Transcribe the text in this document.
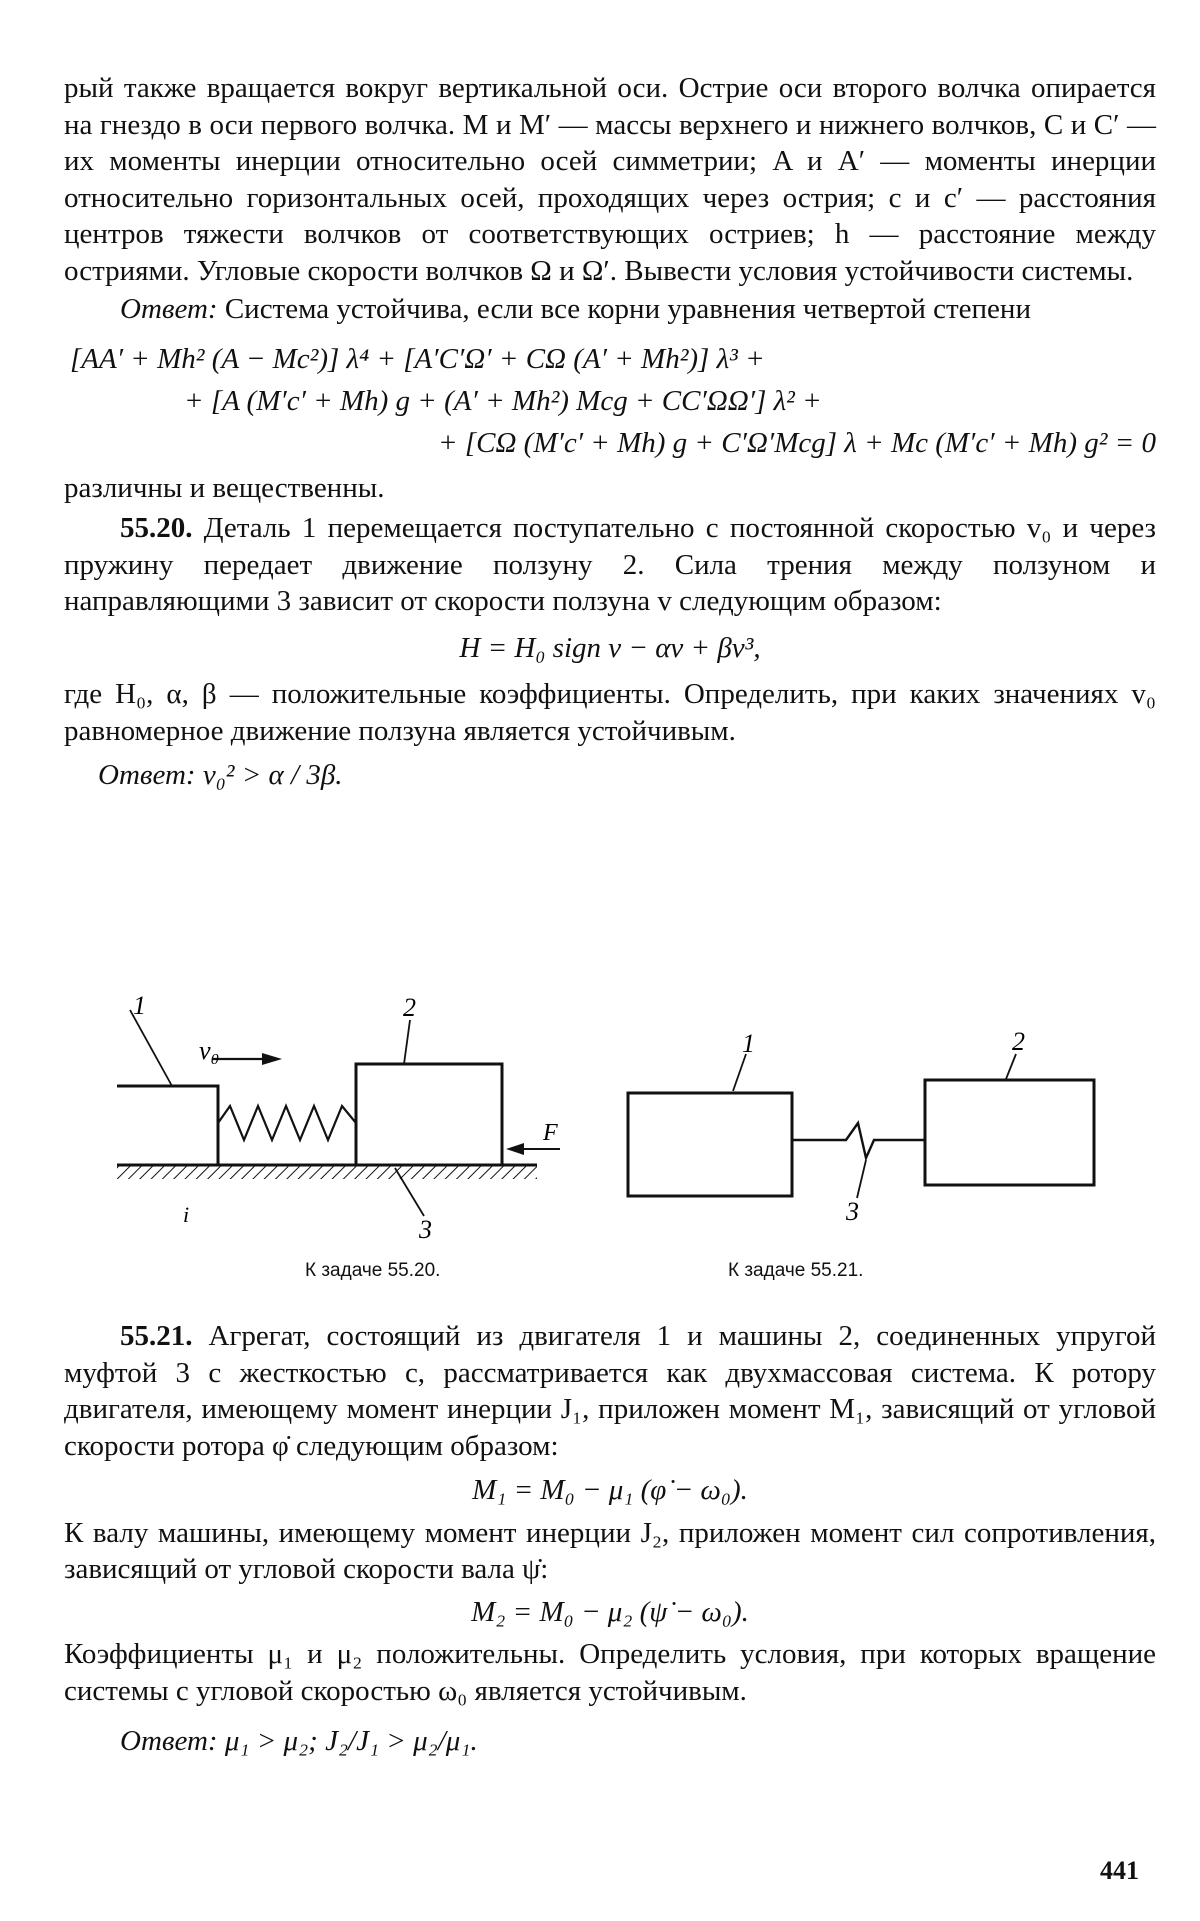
рый также вращается вокруг вертикальной оси. Острие оси второго волчка опирается на гнездо в оси первого волчка. M и M′ — массы верхнего и нижнего волчков, C и C′ — их моменты инерции относительно осей симметрии; A и A′ — моменты инерции относительно горизонтальных осей, проходящих через острия; c и c′ — расстояния центров тяжести волчков от соответствующих остриев; h — расстояние между остриями. Угловые скорости волчков Ω и Ω′. Вывести условия устойчивости системы.

Ответ: Система устойчива, если все корни уравнения четвертой степени

[AA′ + Mh² (A − Mc²)] λ⁴ + [A′C′Ω′ + CΩ (A′ + Mh²)] λ³ +

+ [A (M′c′ + Mh) g + (A′ + Mh²) Mcg + CC′ΩΩ′] λ² +

+ [CΩ (M′c′ + Mh) g + C′Ω′Mcg] λ + Mc (M′c′ + Mh) g² = 0

различны и вещественны.

55.20. Деталь 1 перемещается поступательно с постоянной скоростью v₀ и через пружину передает движение ползуну 2. Сила трения между ползуном и направляющими 3 зависит от скорости ползуна v следующим образом:

H = H₀ sign v − αv + βv³,

где H₀, α, β — положительные коэффициенты. Определить, при каких значениях v₀ равномерное движение ползуна является устойчивым.

Ответ: v₀² > α / 3β.

1	2
3
v₀
F
i
1	2
3
К задаче 55.20.	К задаче 55.21.

55.21. Агрегат, состоящий из двигателя 1 и машины 2, соединенных упругой муфтой 3 с жесткостью c, рассматривается как двухмассовая система. К ротору двигателя, имеющему момент инерции J₁, приложен момент M₁, зависящий от угловой скорости ротора φ̇ следующим образом:

M₁ = M₀ − μ₁ (φ̇ − ω₀).

К валу машины, имеющему момент инерции J₂, приложен момент сил сопротивления, зависящий от угловой скорости вала ψ̇:

M₂ = M₀ − μ₂ (ψ̇ − ω₀).

Коэффициенты μ₁ и μ₂ положительны. Определить условия, при которых вращение системы с угловой скоростью ω₀ является устойчивым.

Ответ: μ₁ > μ₂; J₂/J₁ > μ₂/μ₁.

441
